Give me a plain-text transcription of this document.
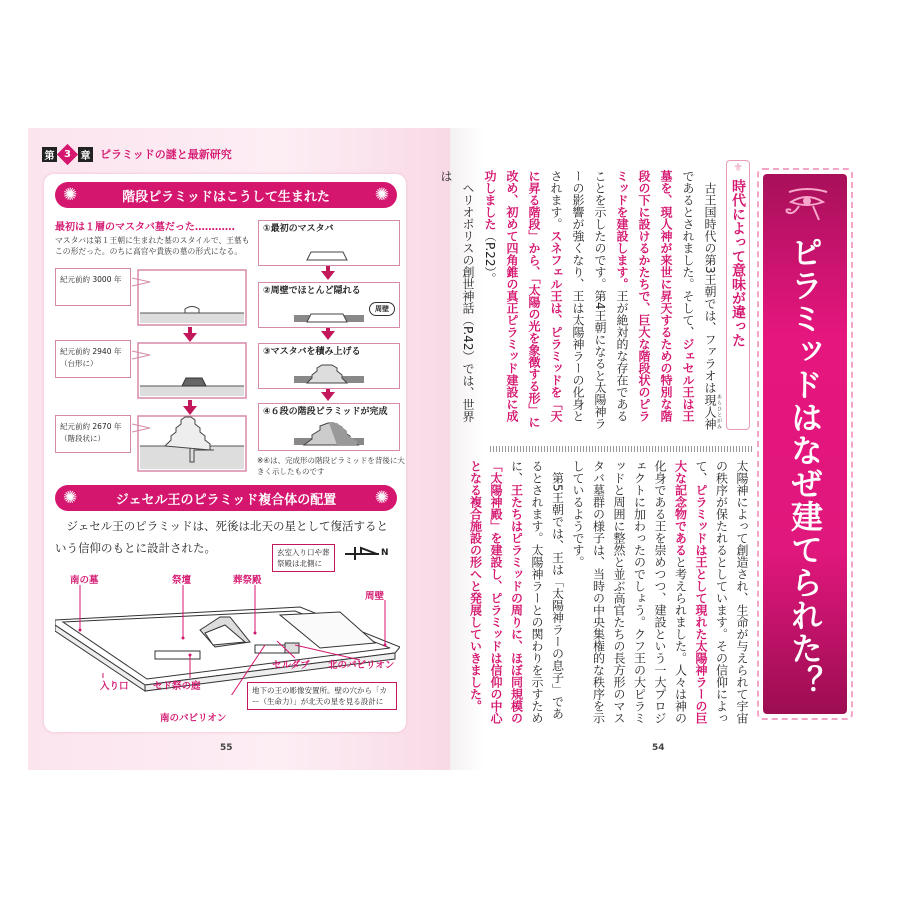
第 3 章 ピラミッドの謎と最新研究
✺	階段ピラミッドはこうして生まれた	✺
最初は１層のマスタバ墓だった…………
マスタバは第１王朝に生まれた墓のスタイルで、王墓もこの形だった。のちに高官や貴族の墓の形式になる。
紀元前約 3000 年
紀元前約 2940 年
（台形に）
紀元前約 2670 年
（階段状に）
①最初のマスタバ
②周壁でほとんど隠れる
周壁
③マスタバを積み上げる
④６段の階段ピラミッドが完成
※④は、完成形の階段ピラミッドを背後に大きく示したものです
✺	ジェセル王のピラミッド複合体の配置 ✺
ジェセル王のピラミッドは、死後は北天の星として復活するという信仰のもとに設計された。
南の墓	祭壇	葬祭殿
周壁
入り口	セド祭の庭
セルダブ 北のパビリオン
南のパビリオン
玄室入り口や葬祭殿は北側に
N
地下の王の彫像安置所。壁の穴から「カー（生命力）」が北天の星を見る設計に
55
ピラミッドはなぜ建てられた？
⚜
時代によって意味が違った

古王国時代の第3王朝では、ファラオは現人神 あらひとがみであるとされました。そして、ジェセル王は王墓を、現人神が来世に昇天するための特別な階段の下に設けるかたちで、巨大な階段状のピラミッドを建設します。王が絶対的な存在であることを示したのです。第4王朝になると太陽神ラーの影響が強くなり、王は太陽神ラーの化身とされます。スネフェル王は、ピラミッドを「天に昇る階段」から、「太陽の光を象徴する形」に改め、初めて四角錐の真正ピラミッド建設に成功しました（P.22）。

ヘリオポリスの創世神話（P.42）では、世界は

太陽神によって創造され、生命が与えられて宇宙の秩序が保たれるとしています。その信仰によって、ピラミッドは王として現れた太陽神ラーの巨大な記念物であると考えられました。人々は神の化身である王を崇めつつ、建設という一大プロジェクトに加わったのでしょう。クフ王の大ピラミッドと周囲に整然と並ぶ高官たちの長方形のマスタバ墓群の様子は、当時の中央集権的な秩序を示しているようです。

第5王朝では、王は「太陽神ラーの息子」であるとされます。太陽神ラーとの関わりを示すために、王たちはピラミッドの周りに、ほぼ同規模の「太陽神殿」を建設し、ピラミッドは信仰の中心となる複合施設の形へと発展していきました。

54
